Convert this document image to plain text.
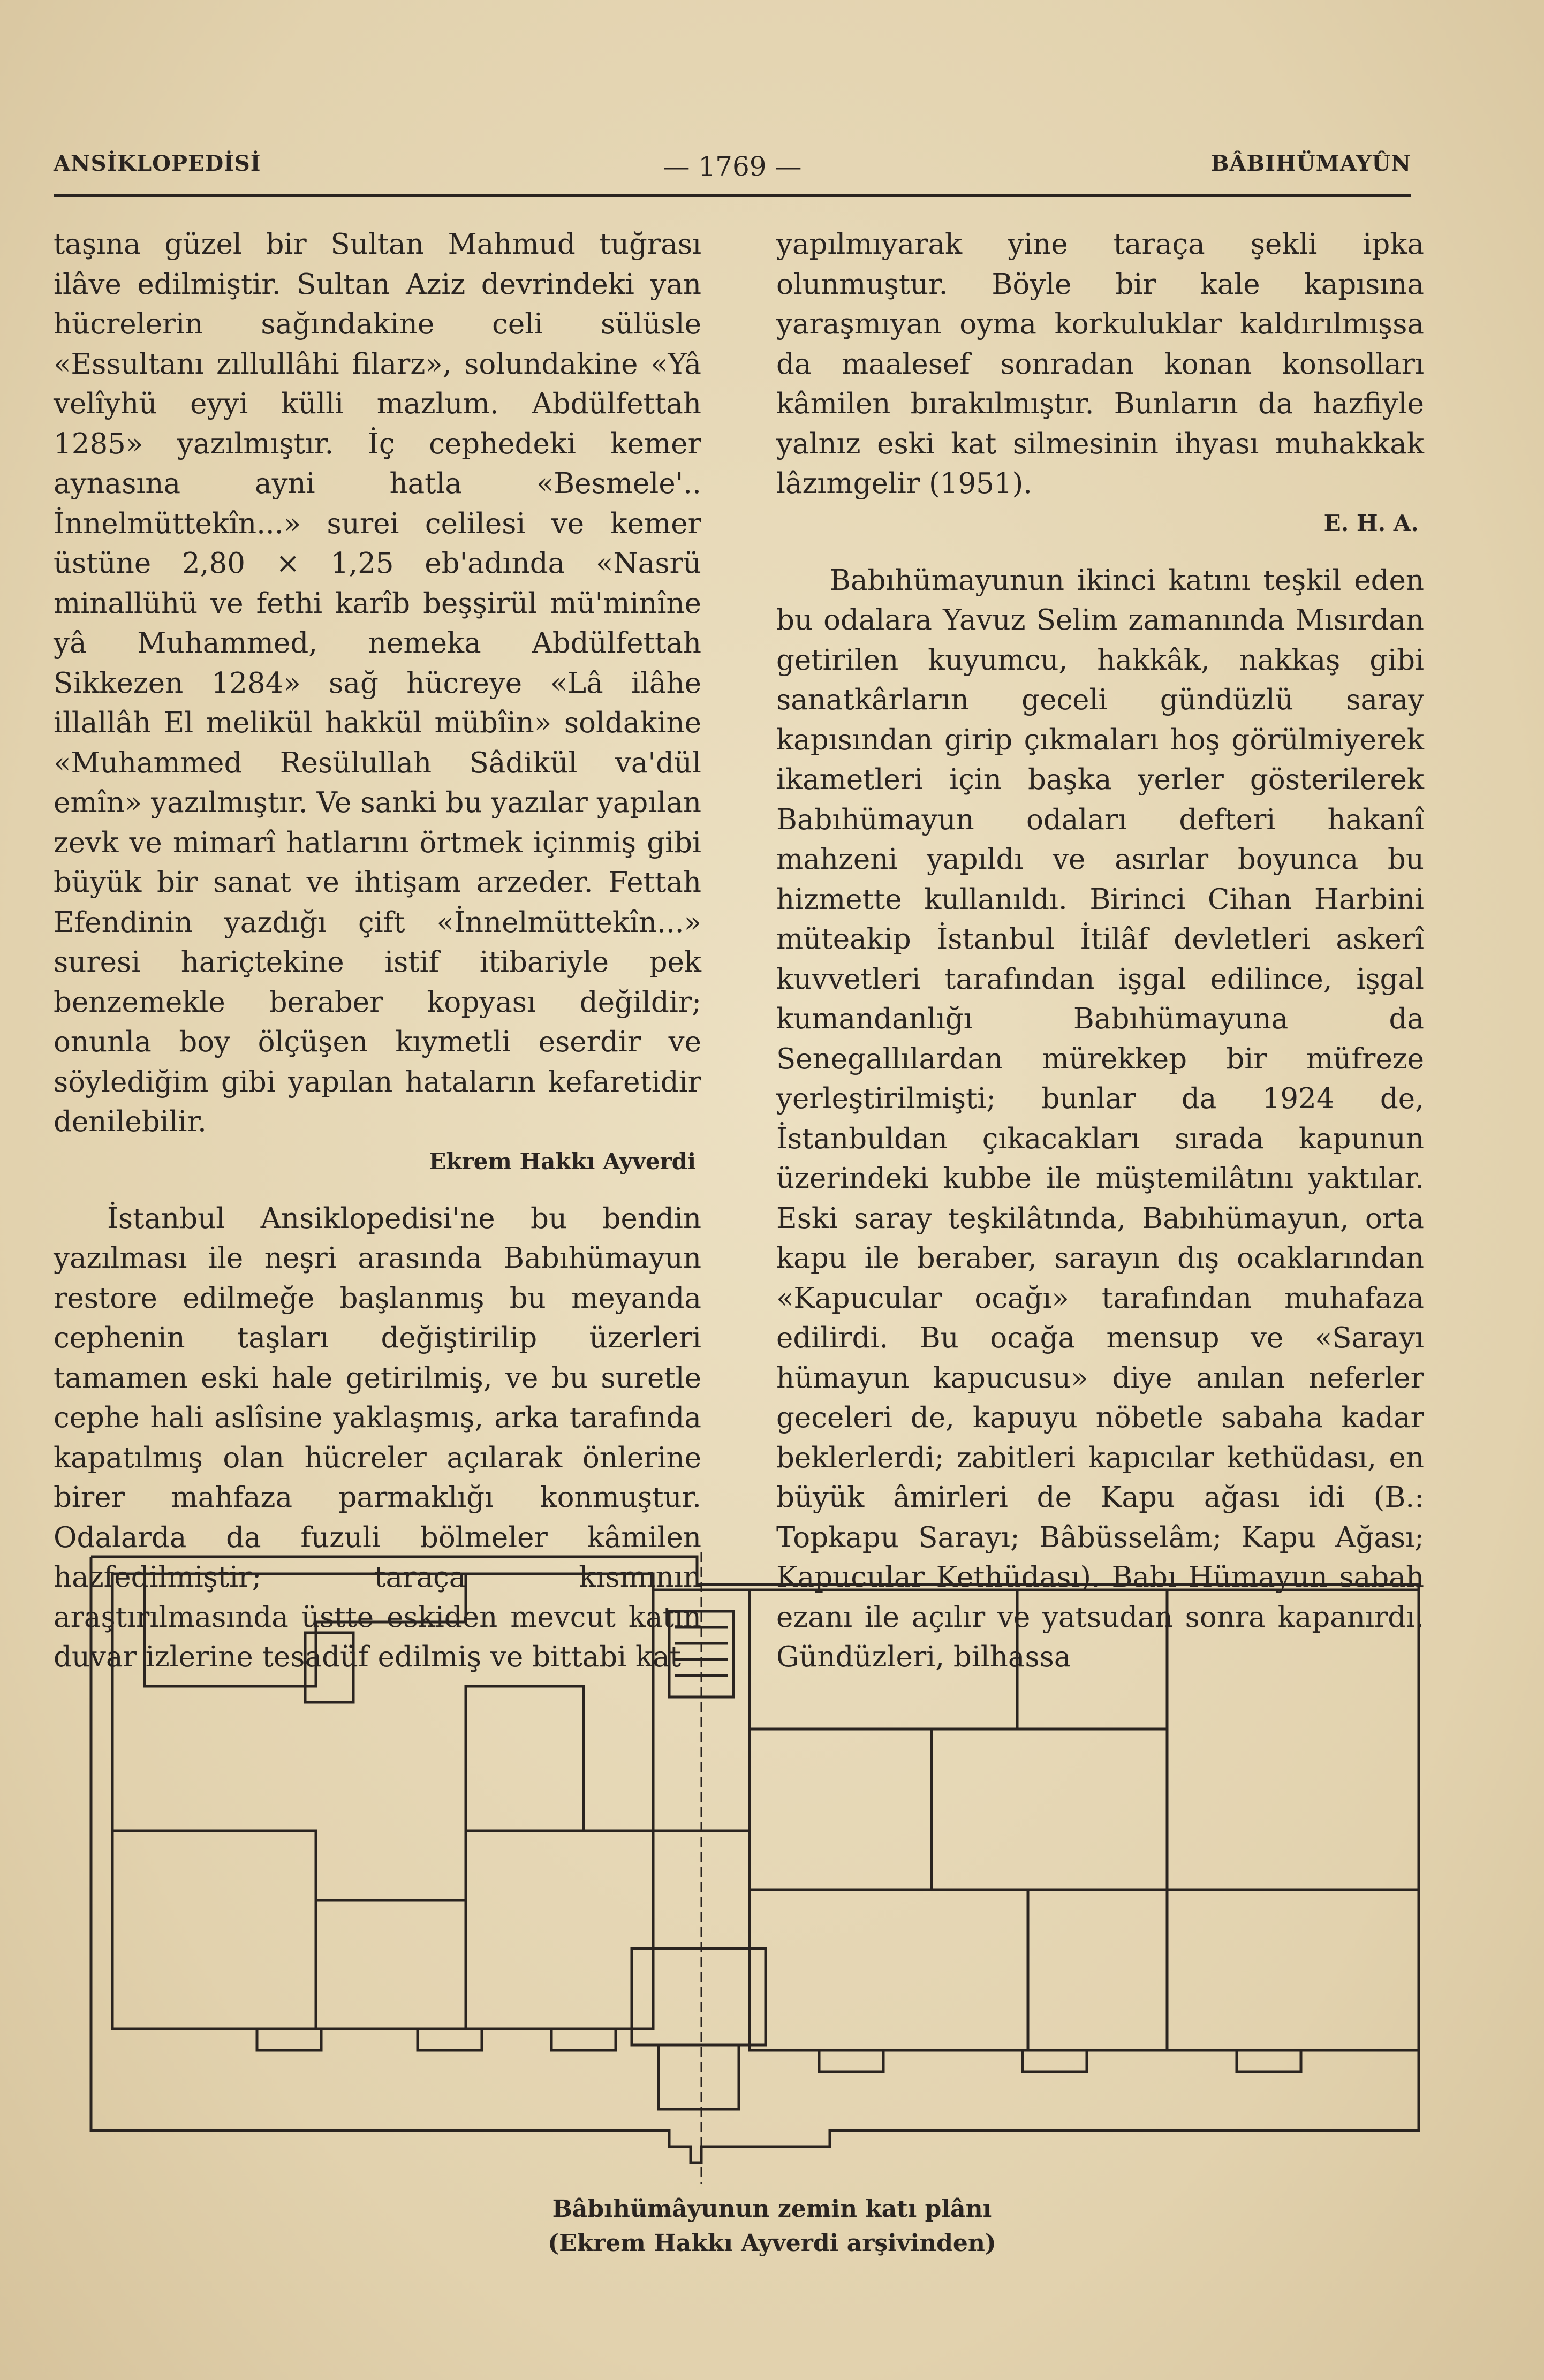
ANSİKLOPEDİSİ	— 1769 —	BÂBIHÜMAYÛN

taşına güzel bir Sultan Mahmud tuğrası ilâve edilmiştir. Sultan Aziz devrindeki yan hücrelerin sağındakine celi sülüsle «Essultanı zıllullâhi filarz», solundakine «Yâ velîyhü eyyi külli mazlum. Abdülfettah 1285» yazılmıştır. İç cephedeki kemer aynasına ayni hatla «Besmele'.. İnnelmüttekîn...» surei celilesi ve kemer üstüne 2,80 × 1,25 eb'adında «Nasrü minallühü ve fethi karîb beşşirül mü'minîne yâ Muhammed, nemeka Abdülfettah Sikkezen 1284» sağ hücreye «Lâ ilâhe illallâh El melikül hakkül mübîin» soldakine «Muhammed Resülullah Sâdikül va'dül emîn» yazılmıştır. Ve sanki bu yazılar yapılan zevk ve mimarî hatlarını örtmek içinmiş gibi büyük bir sanat ve ihtişam arzeder. Fettah Efendinin yazdığı çift «İnnelmüttekîn...» suresi hariçtekine istif itibariyle pek benzemekle beraber kopyası değildir; onunla boy ölçüşen kıymetli eserdir ve söylediğim gibi yapılan hataların kefaretidir denilebilir.

Ekrem Hakkı Ayverdi

İstanbul Ansiklopedisi'ne bu bendin yazılması ile neşri arasında Babıhümayun restore edilmeğe başlanmış bu meyanda cephenin taşları değiştirilip üzerleri tamamen eski hale getirilmiş, ve bu suretle cephe hali aslîsine yaklaşmış, arka tarafında kapatılmış olan hücreler açılarak önlerine birer mahfaza parmaklığı konmuştur. Odalarda da fuzuli bölmeler kâmilen hazfedilmiştir; taraça kısmının araştırılmasında üstte eskiden mevcut katın duvar izlerine tesadüf edilmiş ve bittabi kat

yapılmıyarak yine taraça şekli ipka olunmuştur. Böyle bir kale kapısına yaraşmıyan oyma korkuluklar kaldırılmışsa da maalesef sonradan konan konsolları kâmilen bırakılmıştır. Bunların da hazfiyle yalnız eski kat silmesinin ihyası muhakkak lâzımgelir (1951).

E. H. A.

Babıhümayunun ikinci katını teşkil eden bu odalara Yavuz Selim zamanında Mısırdan getirilen kuyumcu, hakkâk, nakkaş gibi sanatkârların geceli gündüzlü saray kapısından girip çıkmaları hoş görülmiyerek ikametleri için başka yerler gösterilerek Babıhümayun odaları defteri hakanî mahzeni yapıldı ve asırlar boyunca bu hizmette kullanıldı. Birinci Cihan Harbini müteakip İstanbul İtilâf devletleri askerî kuvvetleri tarafından işgal edilince, işgal kumandanlığı Babıhümayuna da Senegallılardan mürekkep bir müfreze yerleştirilmişti; bunlar da 1924 de, İstanbuldan çıkacakları sırada kapunun üzerindeki kubbe ile müştemilâtını yaktılar. Eski saray teşkilâtında, Babıhümayun, orta kapu ile beraber, sarayın dış ocaklarından «Kapucular ocağı» tarafından muhafaza edilirdi. Bu ocağa mensup ve «Sarayı hümayun kapucusu» diye anılan neferler geceleri de, kapuyu nöbetle sabaha kadar beklerlerdi; zabitleri kapıcılar kethüdası, en büyük âmirleri de Kapu ağası idi (B.: Topkapu Sarayı; Bâbüsselâm; Kapu Ağası; Kapucular Kethüdası). Babı Hümayun sabah ezanı ile açılır ve yatsudan sonra kapanırdı. Gündüzleri, bilhassa

Bâbıhümâyunun zemin katı plânı
(Ekrem Hakkı Ayverdi arşivinden)
